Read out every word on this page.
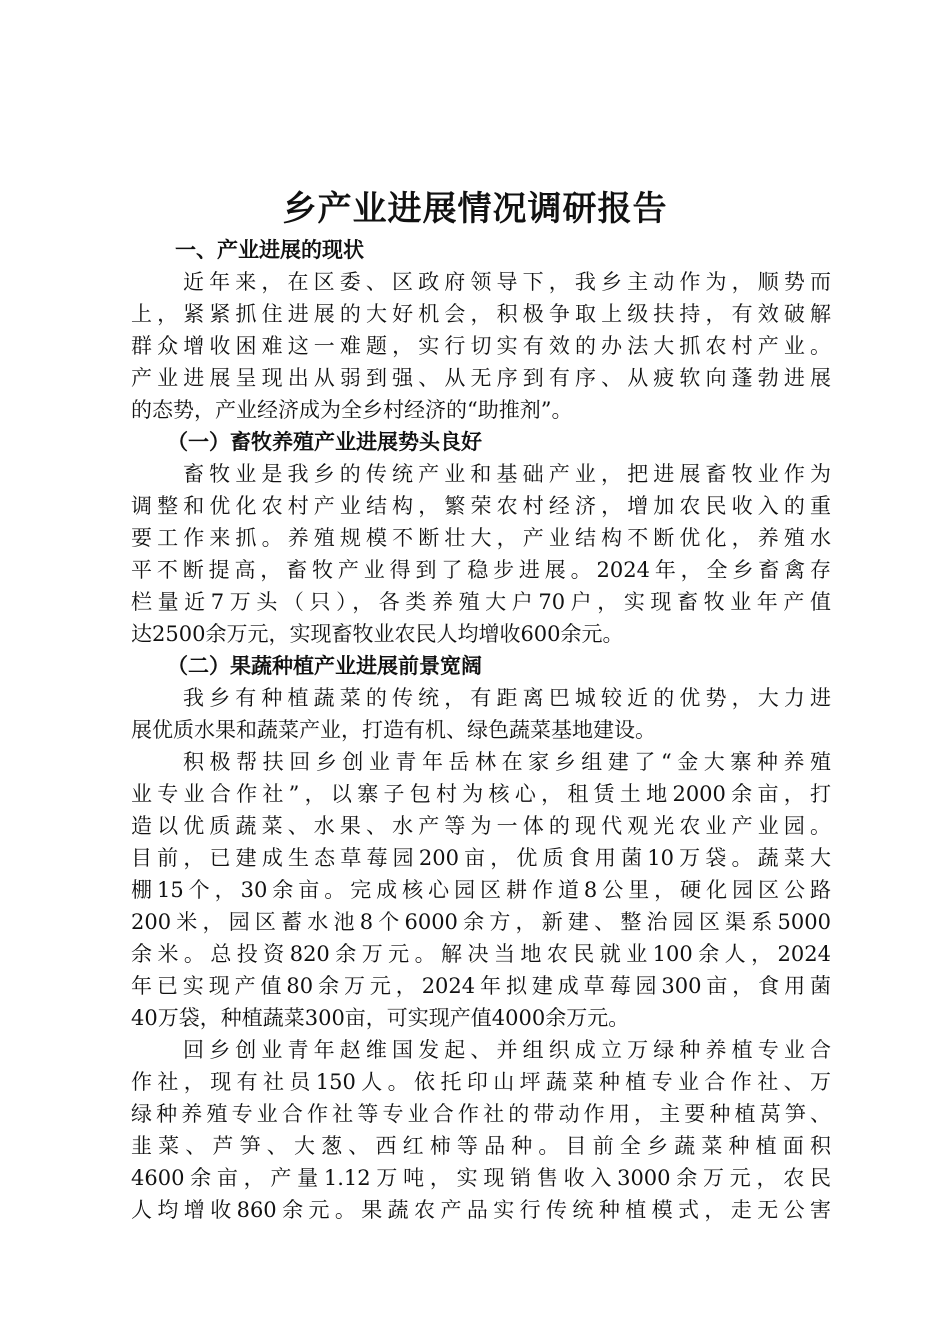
乡产业进展情况调研报告
一、产业进展的现状
近年来，在区委、区政府领导下，我乡主动作为，顺势而
上，紧紧抓住进展的大好机会，积极争取上级扶持，有效破解
群众增收困难这一难题，实行切实有效的办法大抓农村产业。
产业进展呈现出从弱到强、从无序到有序、从疲软向蓬勃进展
的态势，产业经济成为全乡村经济的“助推剂”。
（一）畜牧养殖产业进展势头良好
畜牧业是我乡的传统产业和基础产业，把进展畜牧业作为
调整和优化农村产业结构，繁荣农村经济，增加农民收入的重
要工作来抓。养殖规模不断壮大，产业结构不断优化，养殖水
平不断提高，畜牧产业得到了稳步进展。2024年，全乡畜禽存
栏量近7万头（只），各类养殖大户70户，实现畜牧业年产值
达2500余万元，实现畜牧业农民人均增收600余元。
（二）果蔬种植产业进展前景宽阔
我乡有种植蔬菜的传统，有距离巴城较近的优势，大力进
展优质水果和蔬菜产业，打造有机、绿色蔬菜基地建设。
积极帮扶回乡创业青年岳林在家乡组建了“金大寨种养殖
业专业合作社”，以寨子包村为核心，租赁土地2000余亩，打
造以优质蔬菜、水果、水产等为一体的现代观光农业产业园。
目前，已建成生态草莓园200亩，优质食用菌10万袋。蔬菜大
棚15个，30余亩。完成核心园区耕作道8公里，硬化园区公路
200米，园区蓄水池8个6000余方，新建、整治园区渠系5000
余米。总投资820余万元。解决当地农民就业100余人，2024
年已实现产值80余万元，2024年拟建成草莓园300亩，食用菌
40万袋，种植蔬菜300亩，可实现产值4000余万元。
回乡创业青年赵维国发起、并组织成立万绿种养植专业合
作社，现有社员150人。依托印山坪蔬菜种植专业合作社、万
绿种养殖专业合作社等专业合作社的带动作用，主要种植莴笋、
韭菜、芦笋、大葱、西红柿等品种。目前全乡蔬菜种植面积
4600余亩，产量1.12万吨，实现销售收入3000余万元，农民
人均增收860余元。果蔬农产品实行传统种植模式，走无公害
